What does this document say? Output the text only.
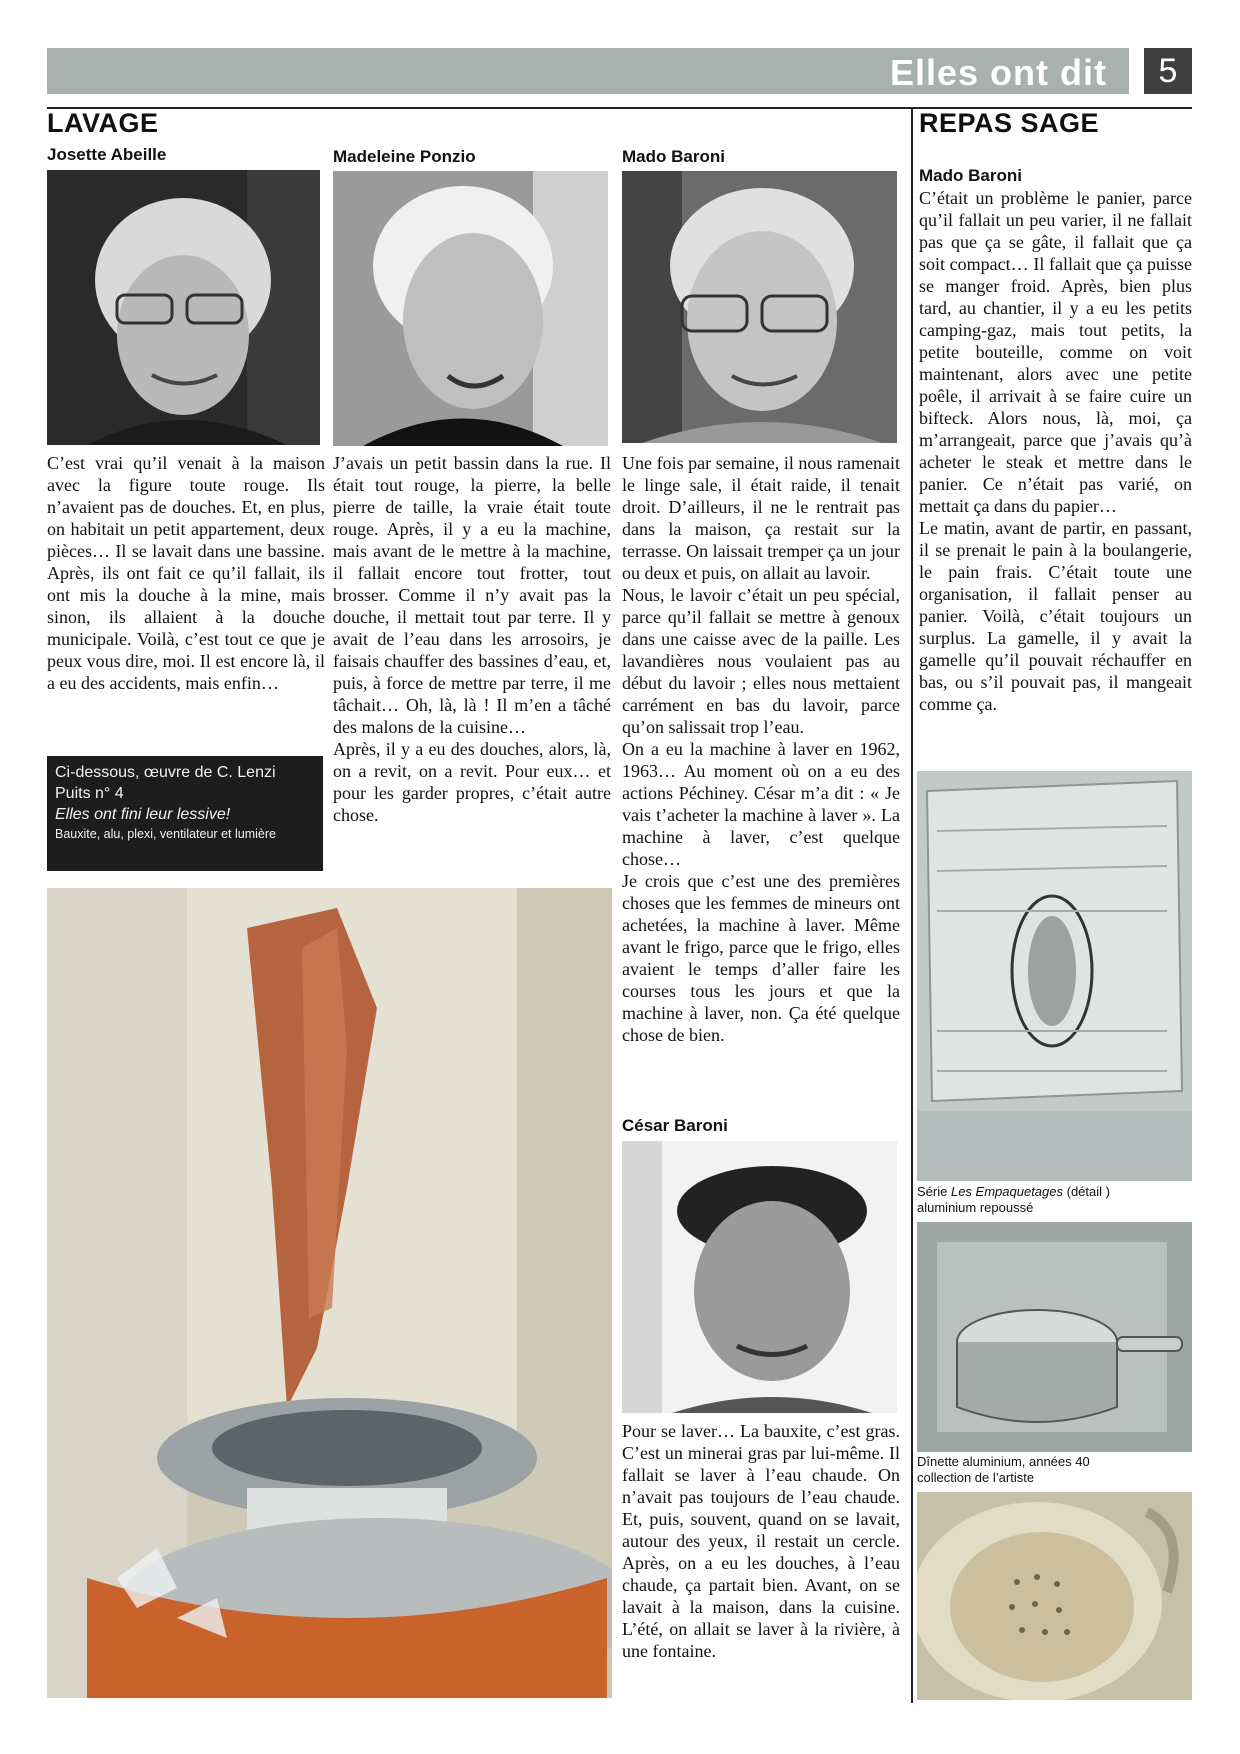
Elles ont dit	5
LAVAGE	REPAS SAGE
Josette Abeille
C’est vrai qu’il venait à la maison avec la figure toute rouge. Ils n’avaient pas de douches. Et, en plus, on habitait un petit appartement, deux pièces… Il se lavait dans une bassine. Après, ils ont fait ce qu’il fallait, ils ont mis la douche à la mine, mais sinon, ils allaient à la douche municipale. Voilà, c’est tout ce que je peux vous dire, moi. Il est encore là, il a eu des accidents, mais enfin…
Ci-dessous, œuvre de C. Lenzi
Puits n° 4
Elles ont fini leur lessive!
Bauxite, alu, plexi, ventilateur et lumière
Madeleine Ponzio
J’avais un petit bassin dans la rue. Il était tout rouge, la pierre, la belle pierre de taille, la vraie était toute rouge. Après, il y a eu la machine, mais avant de le mettre à la machine, il fallait encore tout frotter, tout brosser. Comme il n’y avait pas la douche, il mettait tout par terre. Il y avait de l’eau dans les arrosoirs, je faisais chauffer des bassines d’eau, et, puis, à force de mettre par terre, il me tâchait… Oh, là, là ! Il m’en a tâché des malons de la cuisine…
Après, il y a eu des douches, alors, là, on a revit, on a revit. Pour eux… et pour les garder propres, c’était autre chose.
Mado Baroni
Une fois par semaine, il nous ramenait le linge sale, il était raide, il tenait droit. D’ailleurs, il ne le rentrait pas dans la maison, ça restait sur la terrasse. On laissait tremper ça un jour ou deux et puis, on allait au lavoir.
Nous, le lavoir c’était un peu spécial, parce qu’il fallait se mettre à genoux dans une caisse avec de la paille. Les lavandières nous voulaient pas au début du lavoir ; elles nous mettaient carrément en bas du lavoir, parce qu’on salissait trop l’eau.
On a eu la machine à laver en 1962, 1963… Au moment où on a eu des actions Péchiney. César m’a dit : « Je vais t’acheter la machine à laver ». La machine à laver, c’est quelque chose…
Je crois que c’est une des premières choses que les femmes de mineurs ont achetées, la machine à laver. Même avant le frigo, parce que le frigo, elles avaient le temps d’aller faire les courses tous les jours et que la machine à laver, non. Ça été quelque chose de bien.
César Baroni
Pour se laver… La bauxite, c’est gras. C’est un minerai gras par lui-même. Il fallait se laver à l’eau chaude. On n’avait pas toujours de l’eau chaude. Et, puis, souvent, quand on se lavait, autour des yeux, il restait un cercle. Après, on a eu les douches, à l’eau chaude, ça partait bien. Avant, on se lavait à la maison, dans la cuisine. L’été, on allait se laver à la rivière, à une fontaine.
Mado Baroni
C’était un problème le panier, parce qu’il fallait un peu varier, il ne fallait pas que ça se gâte, il fallait que ça soit compact… Il fallait que ça puisse se manger froid. Après, bien plus tard, au chantier, il y a eu les petits camping-gaz, mais tout petits, la petite bouteille, comme on voit maintenant, alors avec une petite poêle, il arrivait à se faire cuire un bifteck. Alors nous, là, moi, ça m’arrangeait, parce que j’avais qu’à acheter le steak et mettre dans le panier. Ce n’était pas varié, on mettait ça dans du papier…
Le matin, avant de partir, en passant, il se prenait le pain à la boulangerie, le pain frais. C’était toute une organisation, il fallait penser au panier. Voilà, c’était toujours un surplus. La gamelle, il y avait la gamelle qu’il pouvait réchauffer en bas, ou s’il pouvait pas, il mangeait comme ça.
Série Les Empaquetages (détail )
aluminium repoussé
Dînette aluminium, années 40
collection de l’artiste
